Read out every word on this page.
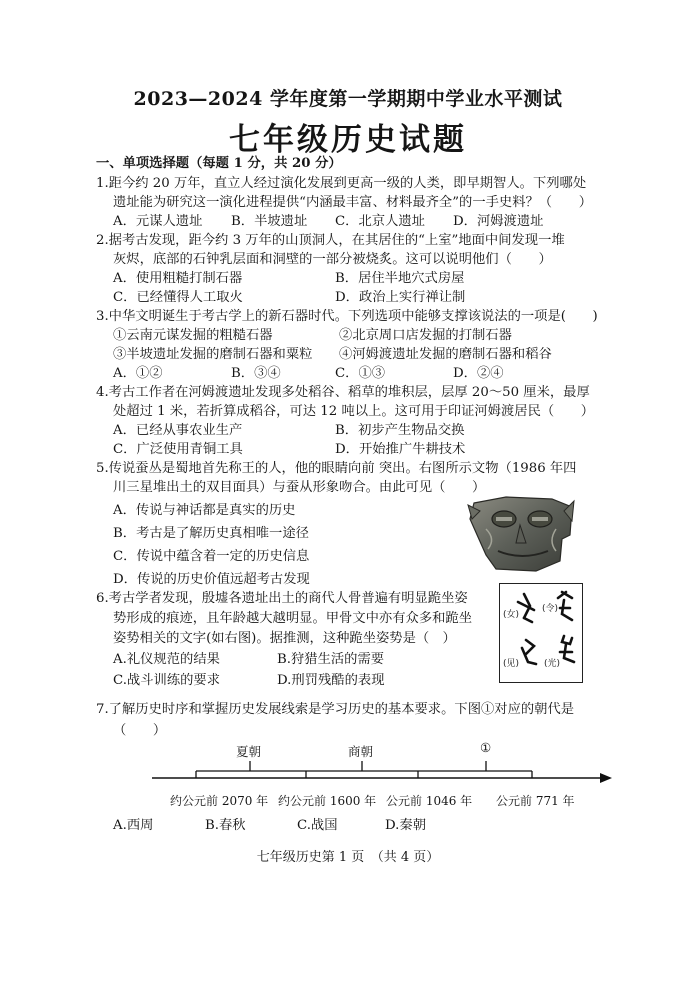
2023—2024 学年度第一学期期中学业水平测试
七年级历史试题
一、单项选择题（每题 1 分，共 20 分）
1.距今约 20 万年，直立人经过演化发展到更高一级的人类，即早期智人。下列哪处
遗址能为研究这一演化进程提供“内涵最丰富、材料最齐全”的一手史料？（　　）
A．元谋人遗址 B．半坡遗址 C．北京人遗址 D．河姆渡遗址
2.据考古发现，距今约 3 万年的山顶洞人，在其居住的“上室”地面中间发现一堆
灰烬，底部的石钟乳层面和洞壁的一部分被烧炙。这可以说明他们（　　）
A．使用粗糙打制石器	B．居住半地穴式房屋
C．已经懂得人工取火	D．政治上实行禅让制
3.中华文明诞生于考古学上的新石器时代。下列选项中能够支撑该说法的一项是(　　)
①云南元谋发掘的粗糙石器　　　　　②北京周口店发掘的打制石器
③半坡遗址发掘的磨制石器和粟粒　　④河姆渡遗址发掘的磨制石器和稻谷
A．①②	B．③④	C．①③	D．②④
4.考古工作者在河姆渡遗址发现多处稻谷、稻草的堆积层，层厚 20～50 厘米，最厚
处超过 1 米，若折算成稻谷，可达 12 吨以上。这可用于印证河姆渡居民（　　）
A．已经从事农业生产	B．初步产生物品交换
C．广泛使用青铜工具	D．开始推广牛耕技术
5.传说蚕丛是蜀地首先称王的人，他的眼睛向前 突出。右图所示文物（1986 年四
川三星堆出土的双目面具）与蚕从形象吻合。由此可见（　　）
A．传说与神话都是真实的历史
B．考古是了解历史真相唯一途径
C．传说中蕴含着一定的历史信息
D．传说的历史价值远超考古发现
6.考古学者发现，殷墟各遗址出土的商代人骨普遍有明显跪坐姿
势形成的痕迹，且年龄越大越明显。甲骨文中亦有众多和跪坐
姿势相关的文字(如右图)。据推测，这种跪坐姿势是（　）
A.礼仪规范的结果	B.狩猎生活的需要
C.战斗训练的要求	D.刑罚残酷的表现
(女)
(令)
(见)	(光)
7.了解历史时序和掌握历史发展线索是学习历史的基本要求。下图①对应的朝代是
（　　）
夏朝	商朝	①
约公元前 2070 年 约公元前 1600 年 公元前 1046 年 公元前 771 年
A.西周	B.春秋	C.战国	D.秦朝
七年级历史第 1 页　（共 4 页）
